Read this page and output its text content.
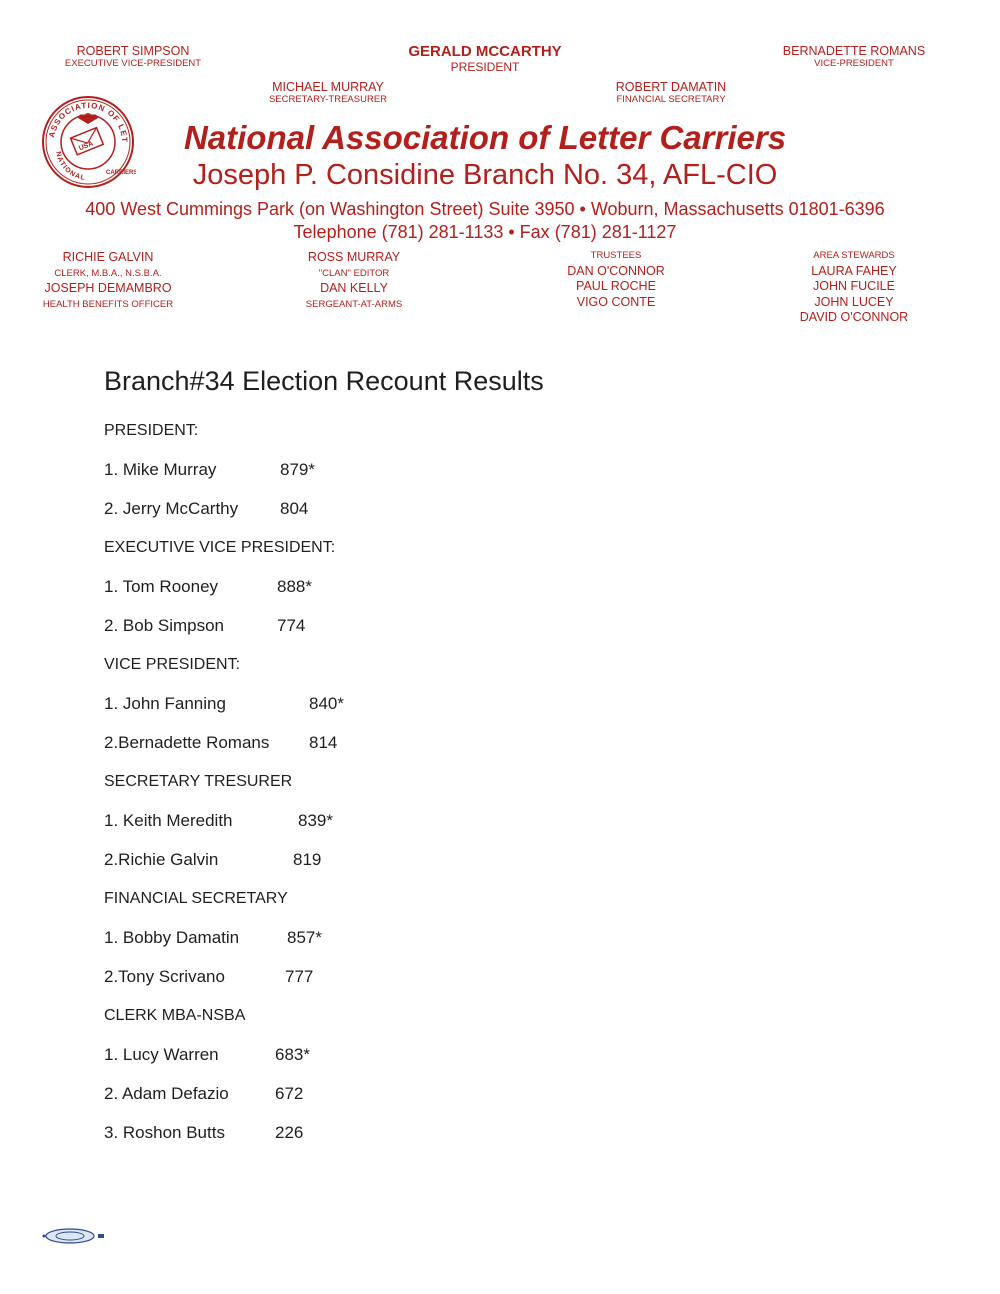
ROBERT SIMPSON
EXECUTIVE VICE-PRESIDENT
GERALD MCCARTHY
PRESIDENT
BERNADETTE ROMANS
VICE-PRESIDENT
MICHAEL MURRAY
SECRETARY-TREASURER
ROBERT DAMATIN
FINANCIAL SECRETARY
ASSOCIATION OF LET
NATIONAL
CARRIERS
USA	National Association of Letter Carriers
Joseph P. Considine Branch No. 34, AFL-CIO
400 West Cummings Park (on Washington Street) Suite 3950 • Woburn, Massachusetts 01801-6396
Telephone (781) 281-1133 • Fax (781) 281-1127
RICHIE GALVIN
CLERK, M.B.A., N.S.B.A.
JOSEPH DEMAMBRO
HEALTH BENEFITS OFFICER
ROSS MURRAY
"CLAN" EDITOR
DAN KELLY
SERGEANT-AT-ARMS
TRUSTEES
DAN O'CONNOR
PAUL ROCHE
VIGO CONTE
AREA STEWARDS
LAURA FAHEY
JOHN FUCILE
JOHN LUCEY
DAVID O'CONNOR
Branch#34 Election Recount Results
PRESIDENT:
1. Mike Murray	879*
2. Jerry McCarthy 804
EXECUTIVE VICE PRESIDENT:
1. Tom Rooney	888*
2. Bob Simpson	774
VICE PRESIDENT:
1. John Fanning	840*
2.Bernadette Romans 814
SECRETARY TRESURER
1. Keith Meredith	839*
2.Richie Galvin	819
FINANCIAL SECRETARY
1. Bobby Damatin	857*
2.Tony Scrivano	777
CLERK MBA-NSBA
1. Lucy Warren	683*
2. Adam Defazio	672
3. Roshon Butts	226
